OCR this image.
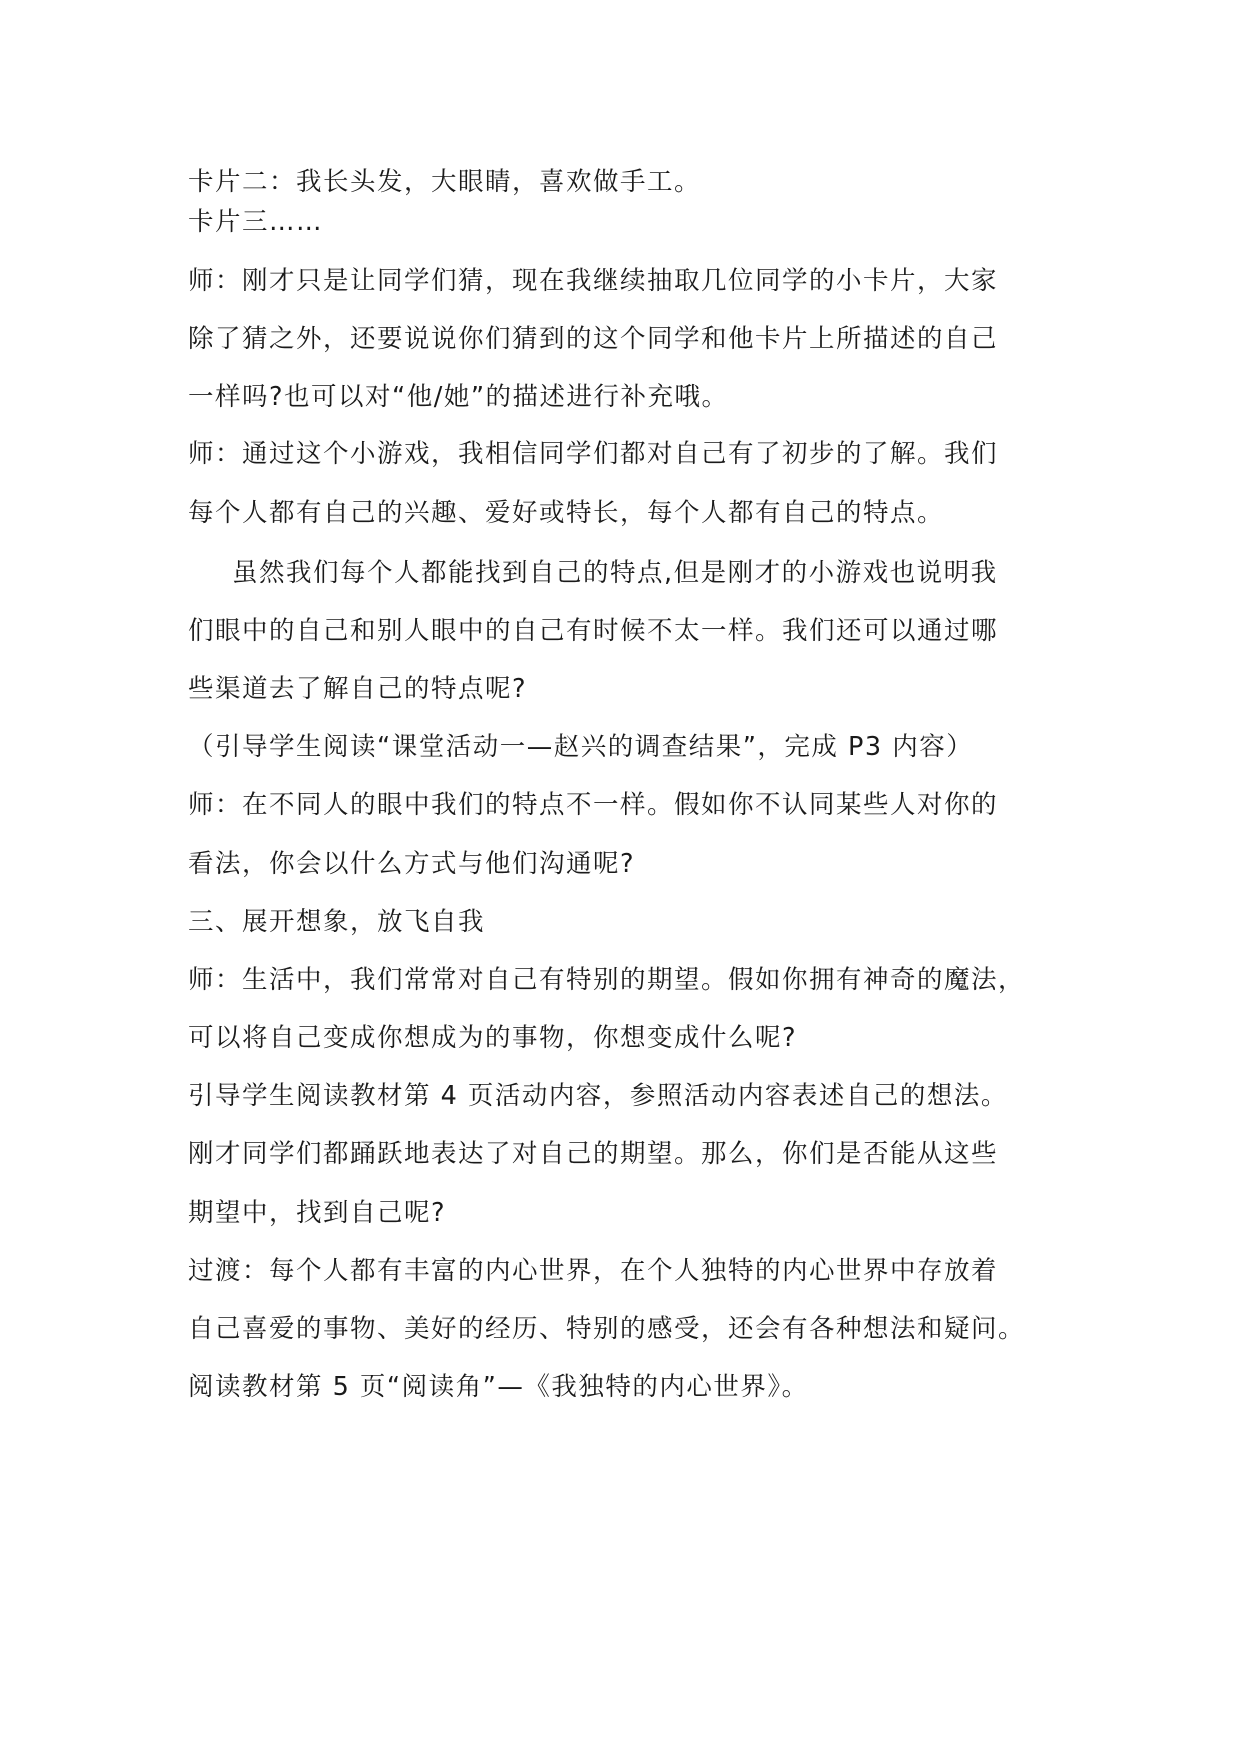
卡片二：我长头发，大眼睛，喜欢做手工。
卡片三……
师：刚才只是让同学们猜，现在我继续抽取几位同学的小卡片，大家
除了猜之外，还要说说你们猜到的这个同学和他卡片上所描述的自己
一样吗?也可以对“他/她”的描述进行补充哦。
师：通过这个小游戏，我相信同学们都对自己有了初步的了解。我们
每个人都有自己的兴趣、爱好或特长，每个人都有自己的特点。
虽然我们每个人都能找到自己的特点,但是刚才的小游戏也说明我
们眼中的自己和别人眼中的自己有时候不太一样。我们还可以通过哪
些渠道去了解自己的特点呢?
（引导学生阅读“课堂活动一—赵兴的调查结果”，完成 P3 内容）
师：在不同人的眼中我们的特点不一样。假如你不认同某些人对你的
看法，你会以什么方式与他们沟通呢?
三、展开想象，放飞自我
师：生活中，我们常常对自己有特别的期望。假如你拥有神奇的魔法，
可以将自己变成你想成为的事物，你想变成什么呢?
引导学生阅读教材第 4 页活动内容，参照活动内容表述自己的想法。
刚才同学们都踊跃地表达了对自己的期望。那么，你们是否能从这些
期望中，找到自己呢?
过渡：每个人都有丰富的内心世界，在个人独特的内心世界中存放着
自己喜爱的事物、美好的经历、特别的感受，还会有各种想法和疑问。
阅读教材第 5 页“阅读角”—《我独特的内心世界》。
